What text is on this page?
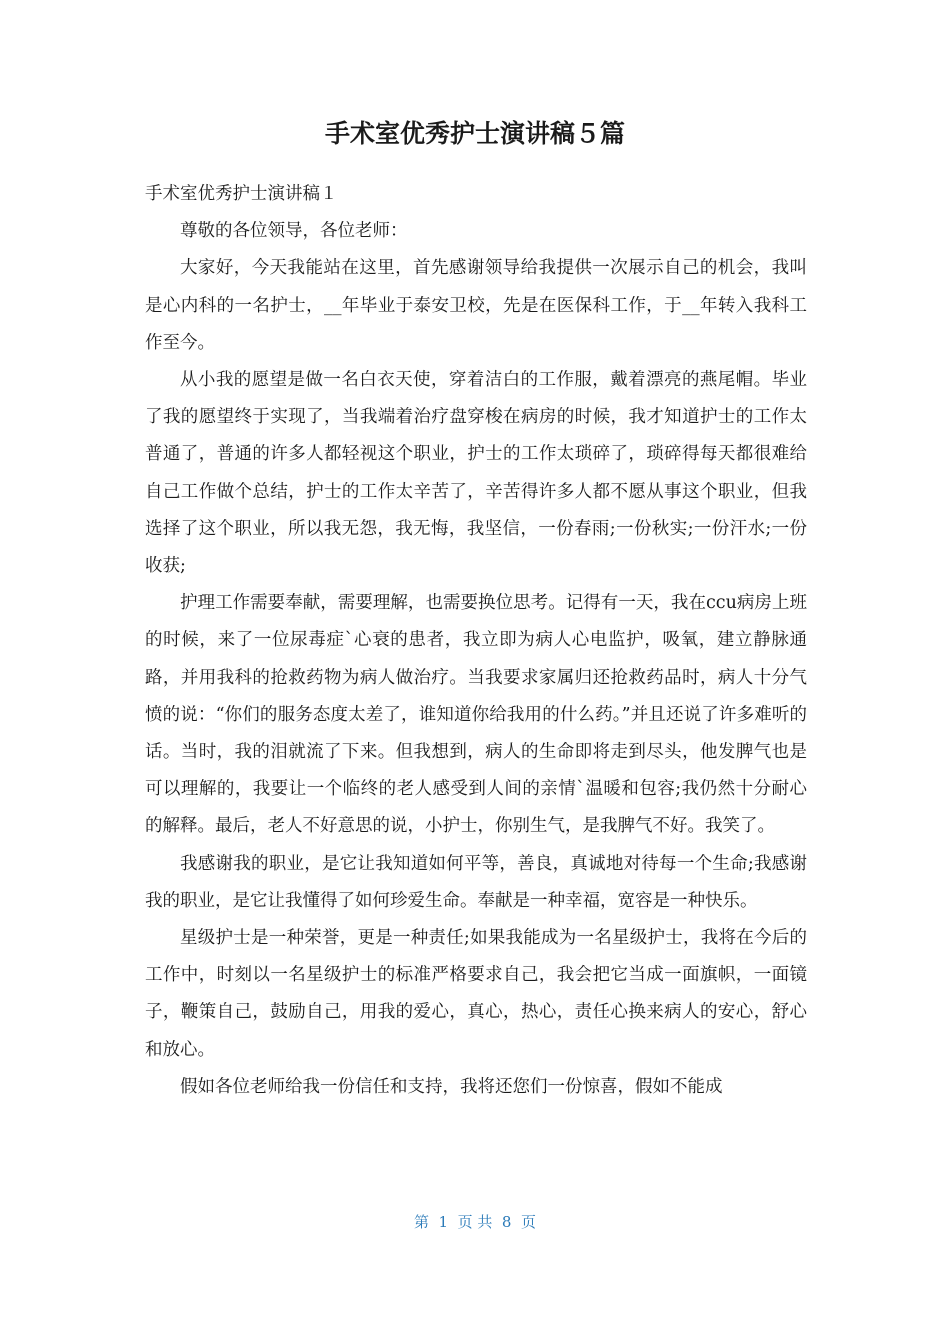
手术室优秀护士演讲稿５篇

手术室优秀护士演讲稿１

尊敬的各位领导，各位老师：

大家好，今天我能站在这里，首先感谢领导给我提供一次展示自己的机会，我叫是心内科的一名护士，__年毕业于泰安卫校，先是在医保科工作，于__年转入我科工作至今。

从小我的愿望是做一名白衣天使，穿着洁白的工作服，戴着漂亮的燕尾帽。毕业了我的愿望终于实现了，当我端着治疗盘穿梭在病房的时候，我才知道护士的工作太普通了，普通的许多人都轻视这个职业，护士的工作太琐碎了，琐碎得每天都很难给自己工作做个总结，护士的工作太辛苦了，辛苦得许多人都不愿从事这个职业，但我选择了这个职业，所以我无怨，我无悔，我坚信，一份春雨;一份秋实;一份汗水;一份收获;

护理工作需要奉献，需要理解，也需要换位思考。记得有一天，我在ccu病房上班的时候，来了一位尿毒症`心衰的患者，我立即为病人心电监护，吸氧，建立静脉通路，并用我科的抢救药物为病人做治疗。当我要求家属归还抢救药品时，病人十分气愤的说：“你们的服务态度太差了，谁知道你给我用的什么药。”并且还说了许多难听的话。当时，我的泪就流了下来。但我想到，病人的生命即将走到尽头，他发脾气也是可以理解的，我要让一个临终的老人感受到人间的亲情`温暖和包容;我仍然十分耐心的解释。最后，老人不好意思的说，小护士，你别生气，是我脾气不好。我笑了。

我感谢我的职业，是它让我知道如何平等，善良，真诚地对待每一个生命;我感谢我的职业，是它让我懂得了如何珍爱生命。奉献是一种幸福，宽容是一种快乐。

星级护士是一种荣誉，更是一种责任;如果我能成为一名星级护士，我将在今后的工作中，时刻以一名星级护士的标准严格要求自己，我会把它当成一面旗帜，一面镜子，鞭策自己，鼓励自己，用我的爱心，真心，热心，责任心换来病人的安心，舒心和放心。

假如各位老师给我一份信任和支持，我将还您们一份惊喜，假如不能成

第  1  页 共  8  页
